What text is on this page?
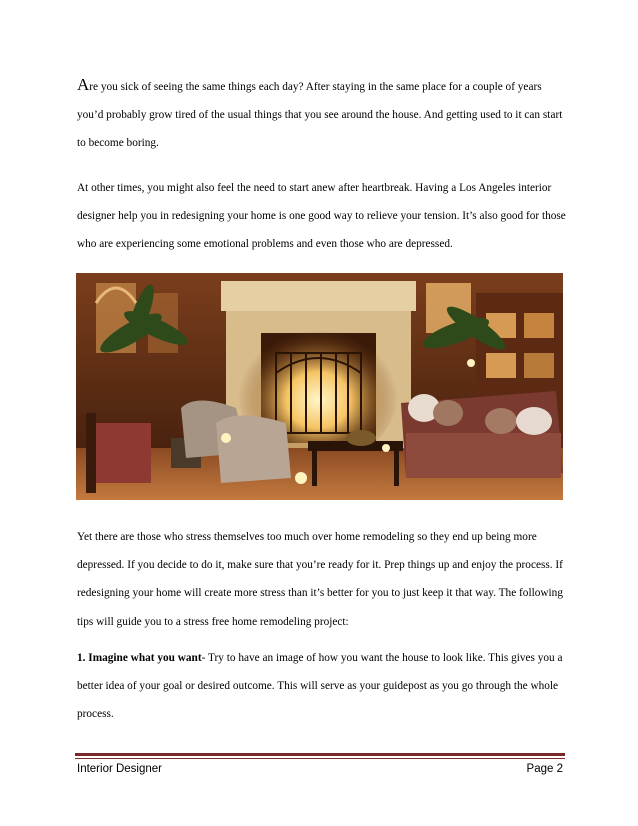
Are you sick of seeing the same things each day? After staying in the same place for a couple of years you’d probably grow tired of the usual things that you see around the house. And getting used to it can start to become boring.

At other times, you might also feel the need to start anew after heartbreak. Having a Los Angeles interior designer help you in redesigning your home is one good way to relieve your tension. It’s also good for those who are experiencing some emotional problems and even those who are depressed.

Yet there are those who stress themselves too much over home remodeling so they end up being more depressed. If you decide to do it, make sure that you’re ready for it. Prep things up and enjoy the process. If redesigning your home will create more stress than it’s better for you to just keep it that way. The following tips will guide you to a stress free home remodeling project:

1. Imagine what you want- Try to have an image of how you want the house to look like. This gives you a better idea of your goal or desired outcome. This will serve as your guidepost as you go through the whole process.

Interior Designer	Page 2
